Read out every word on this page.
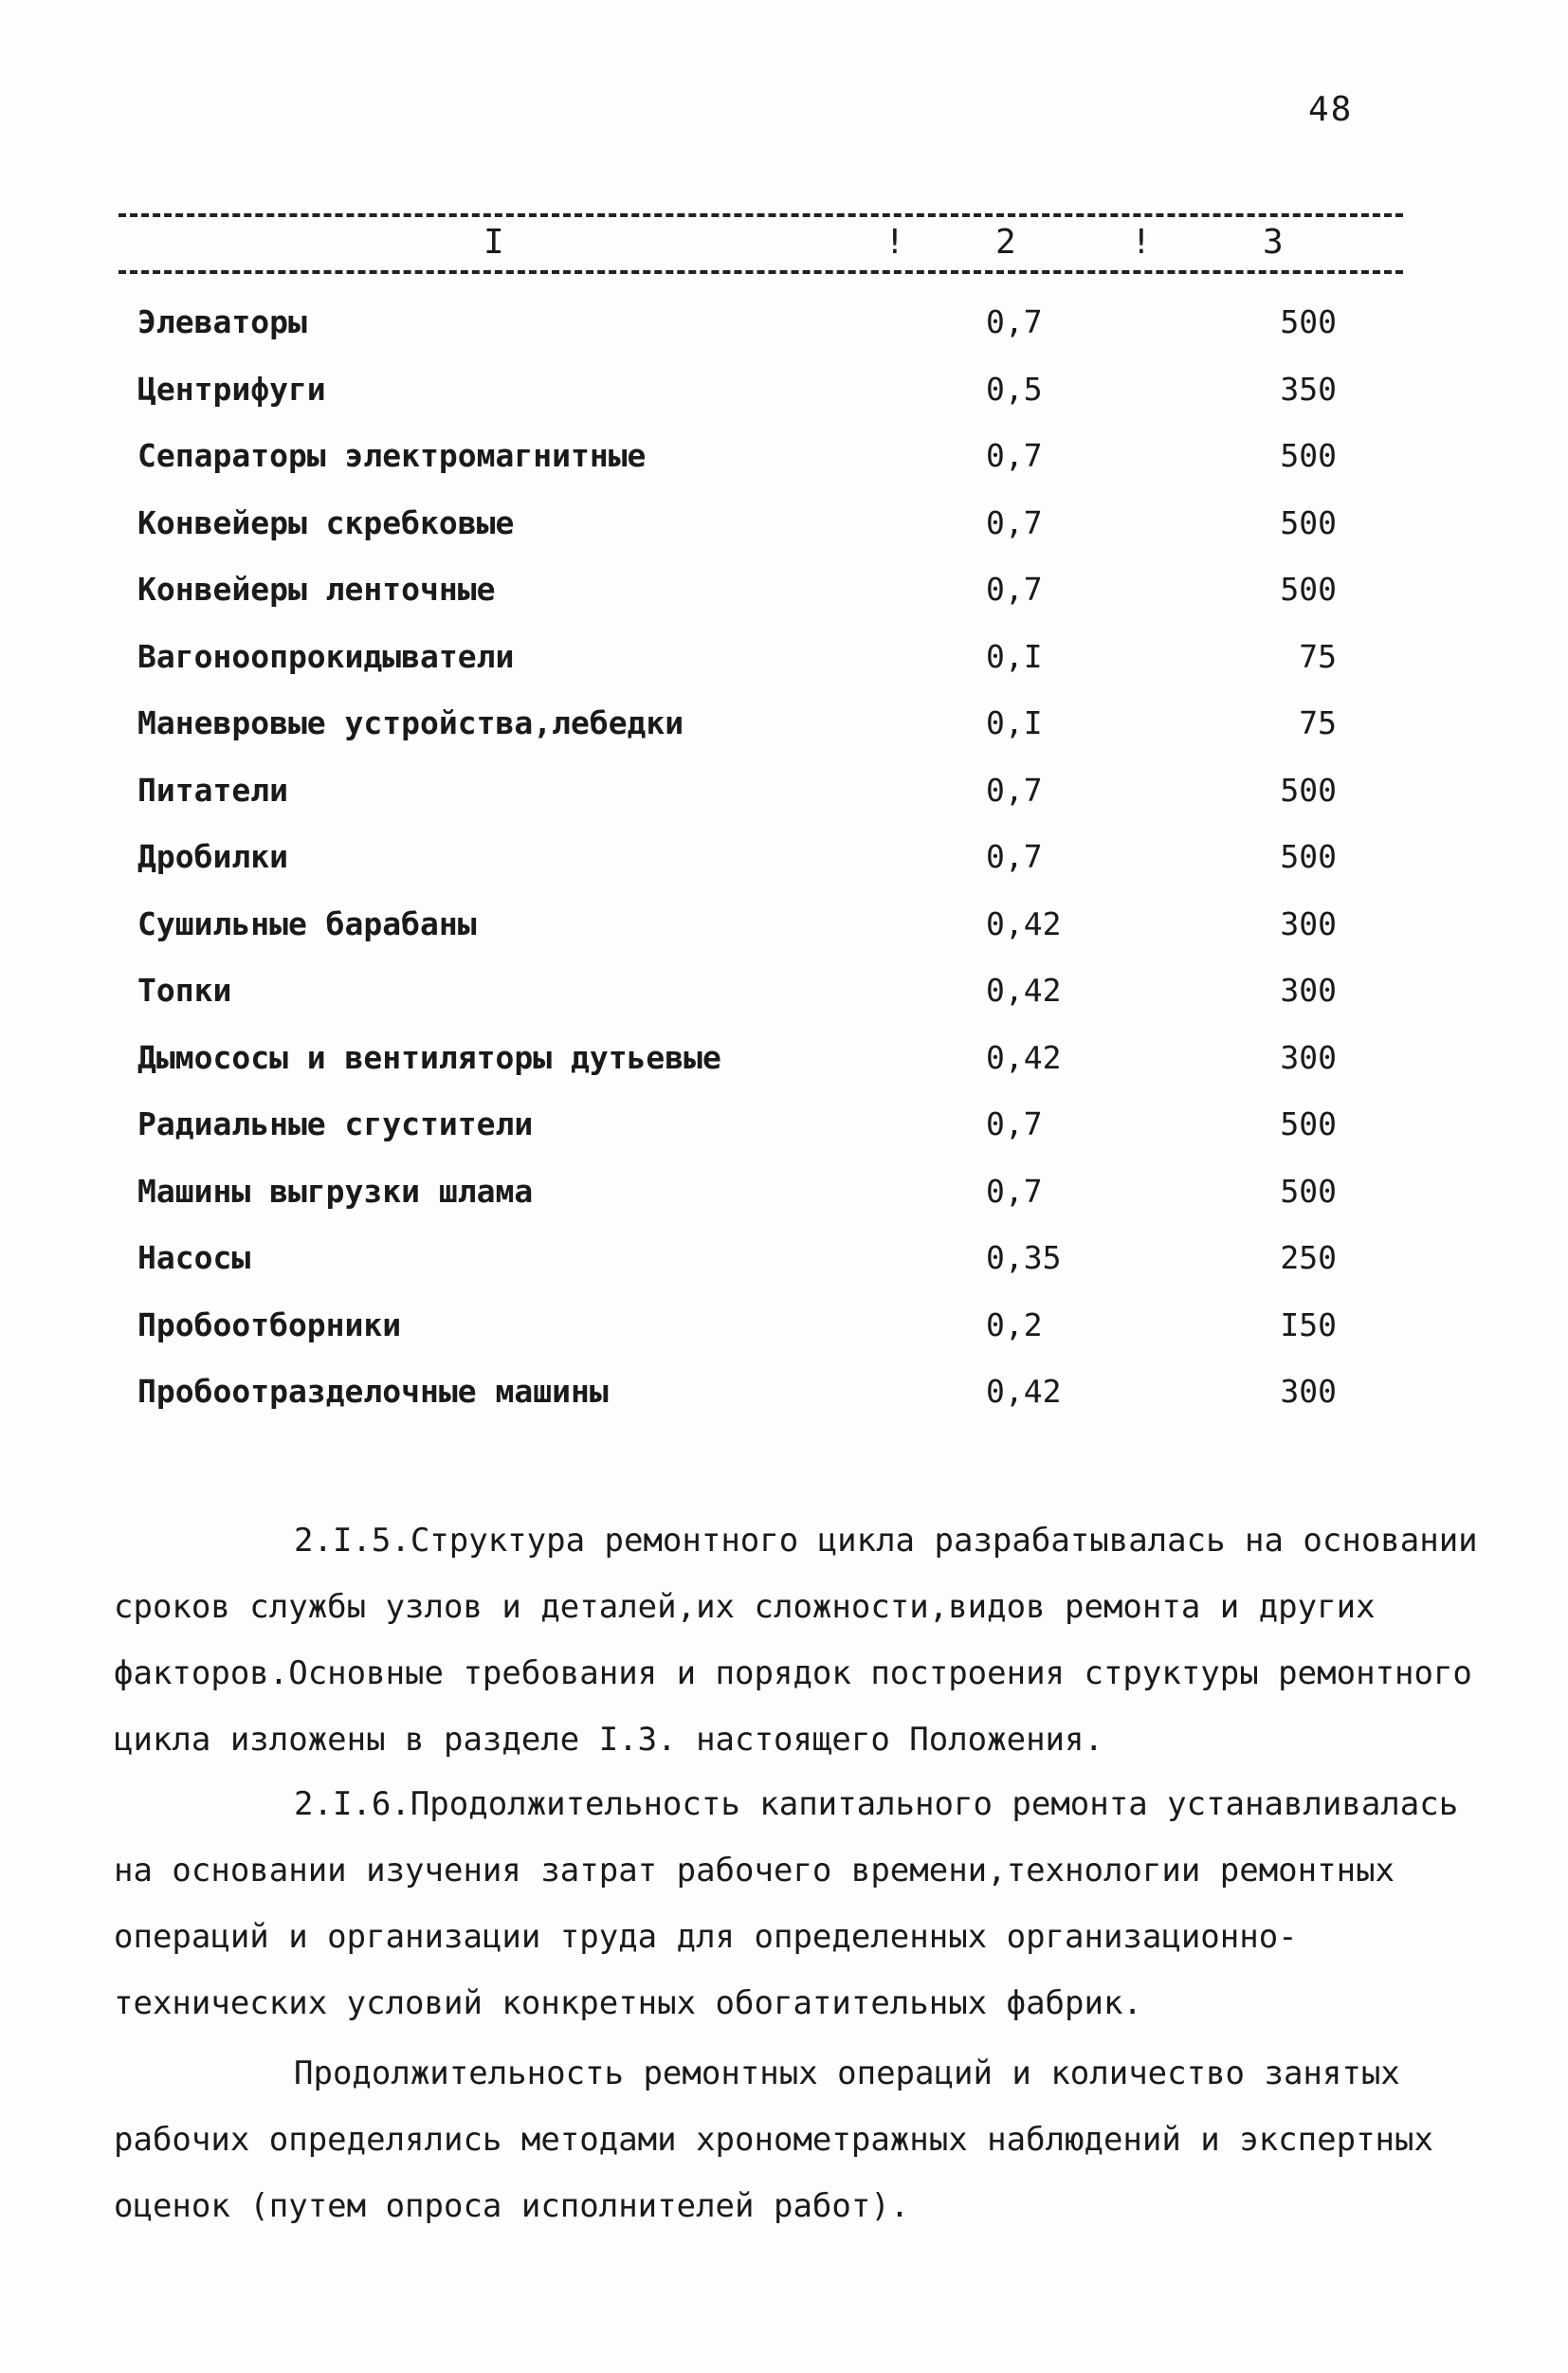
48
I	!	2	!	3
Элеваторы	0,7	500
Центрифуги	0,5	350
Сепараторы электромагнитные	0,7	500
Конвейеры скребковые	0,7	500
Конвейеры ленточные	0,7	500
Вагоноопрокидыватели	0,I	75
Маневровые устройства,лебедки	0,I	75
Питатели	0,7	500
Дробилки	0,7	500
Сушильные барабаны	0,42	300
Топки	0,42	300
Дымососы и вентиляторы дутьевые	0,42	300
Радиальные сгустители	0,7	500
Машины выгрузки шлама	0,7	500
Насосы	0,35	250
Пробоотборники	0,2	I50
Пробоотразделочные машины	0,42	300

2.I.5.Структура ремонтного цикла разрабатывалась на основании сроков службы узлов и деталей,их сложности,видов ремонта и других факторов.Основные требования и порядок построения структуры ремонтного цикла изложены в разделе I.3. настоящего Положения.

2.I.6.Продолжительность капитального ремонта устанавливалась на основании изучения затрат рабочего времени,технологии ремонтных операций и организации труда для определенных организационно-технических условий конкретных обогатительных фабрик.

Продолжительность ремонтных операций и количество занятых рабочих определялись методами хронометражных наблюдений и экспертных оценок (путем опроса исполнителей работ).
